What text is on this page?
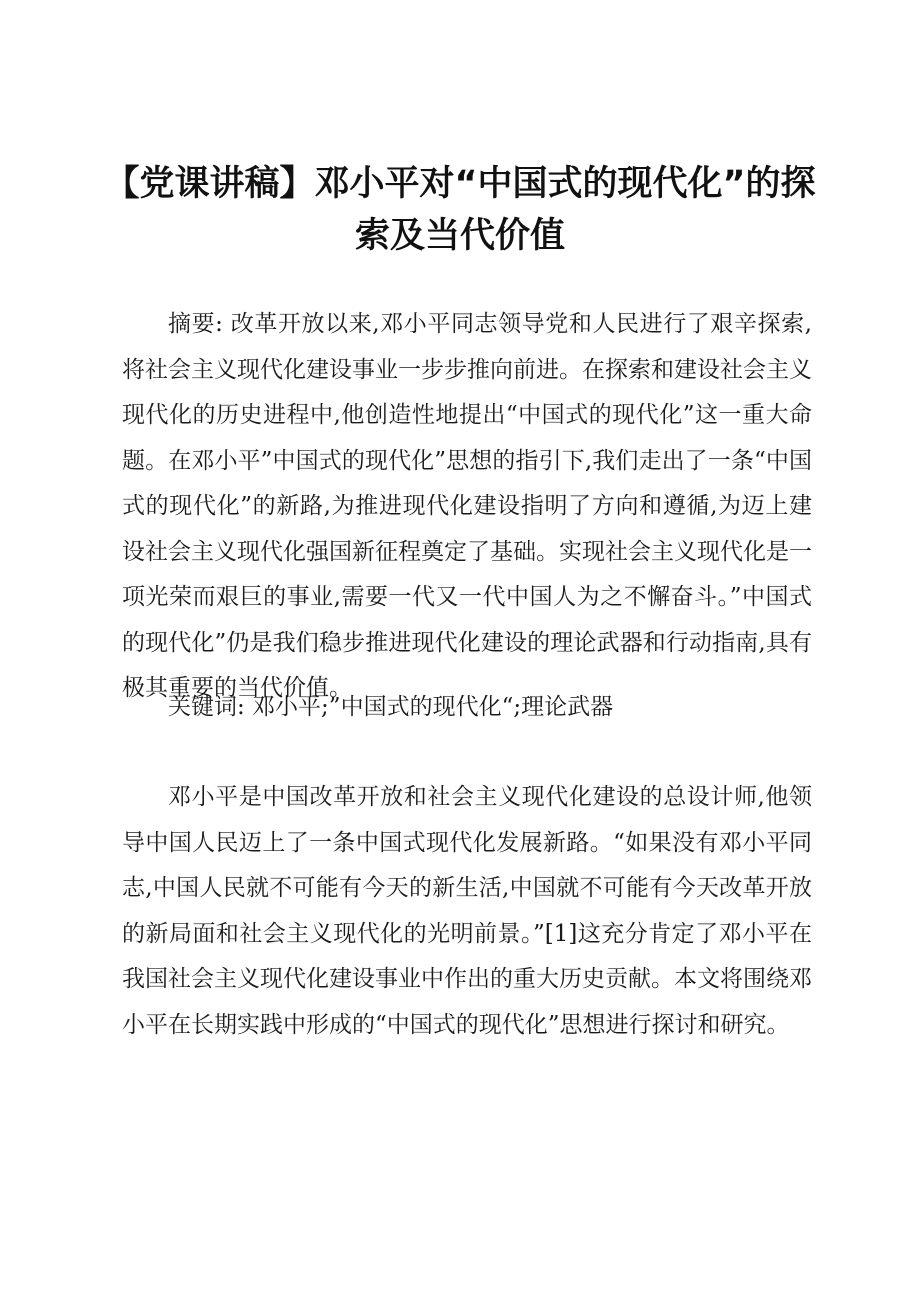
【党课讲稿】邓小平对“中国式的现代化”的探索及当代价值

摘要: 改革开放以来,邓小平同志领导党和人民进行了艰辛探索,将社会主义现代化建设事业一步步推向前进。在探索和建设社会主义现代化的历史进程中,他创造性地提出“中国式的现代化”这一重大命题。在邓小平”中国式的现代化”思想的指引下,我们走出了一条“中国式的现代化”的新路,为推进现代化建设指明了方向和遵循,为迈上建设社会主义现代化强国新征程奠定了基础。实现社会主义现代化是一项光荣而艰巨的事业,需要一代又一代中国人为之不懈奋斗。”中国式的现代化”仍是我们稳步推进现代化建设的理论武器和行动指南,具有极其重要的当代价值。

关键词: 邓小平;”中国式的现代化“;理论武器

邓小平是中国改革开放和社会主义现代化建设的总设计师,他领导中国人民迈上了一条中国式现代化发展新路。“如果没有邓小平同志,中国人民就不可能有今天的新生活,中国就不可能有今天改革开放的新局面和社会主义现代化的光明前景。”[1]这充分肯定了邓小平在我国社会主义现代化建设事业中作出的重大历史贡献。本文将围绕邓小平在长期实践中形成的“中国式的现代化”思想进行探讨和研究。
